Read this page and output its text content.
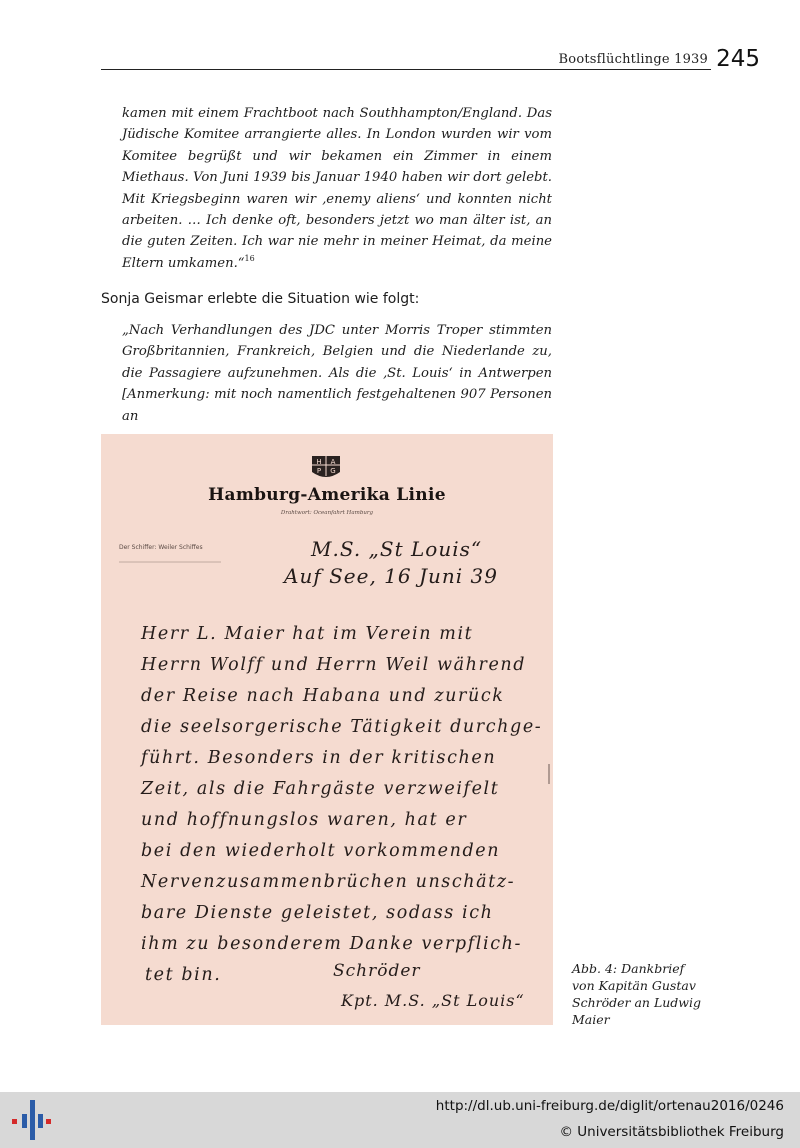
Bootsflüchtlinge 1939 245

kamen mit einem Frachtboot nach Southhampton/England. Das Jüdische Komitee arrangierte alles. In London wurden wir vom Komitee begrüßt und wir bekamen ein Zimmer in einem Miethaus. Von Juni 1939 bis Januar 1940 haben wir dort gelebt. Mit Kriegsbeginn waren wir ‚enemy aliens‘ und konnten nicht arbeiten. … Ich denke oft, besonders jetzt wo man älter ist, an die guten Zeiten. Ich war nie mehr in meiner Heimat, da meine Eltern umkamen.“$^{16}$

Sonja Geismar erlebte die Situation wie folgt:

„Nach Verhandlungen des JDC unter Morris Troper stimmten Großbritannien, Frankreich, Belgien und die Niederlande zu, die Passagiere aufzunehmen. Als die ‚St. Louis‘ in Antwerpen [Anmerkung: mit noch namentlich festgehaltenen 907 Personen an

H A
P G
Hamburg-Amerika Linie
Drahtwort: Oceanfahrt Hamburg
Der Schiffer: Weiler Schiffes	M.S. „St Louis“
Auf See, 16 Juni 39
Herr L. Maier hat im Verein mit
Herrn Wolff und Herrn Weil während
der Reise nach Habana und zurück
die seelsorgerische Tätigkeit durchge-
führt. Besonders in der kritischen
Zeit, als die Fahrgäste verzweifelt
und hoffnungslos waren, hat er
bei den wiederholt vorkommenden
Nervenzusammenbrüchen unschätz-
bare Dienste geleistet, sodass ich
ihm zu besonderem Danke verpflich-
tet bin.	Schröder
Kpt. M.S. „St Louis“
Abb. 4: Dankbrief von Kapitän Gustav Schröder an Ludwig Maier
http://dl.ub.uni-freiburg.de/diglit/ortenau2016/0246
© Universitätsbibliothek Freiburg
